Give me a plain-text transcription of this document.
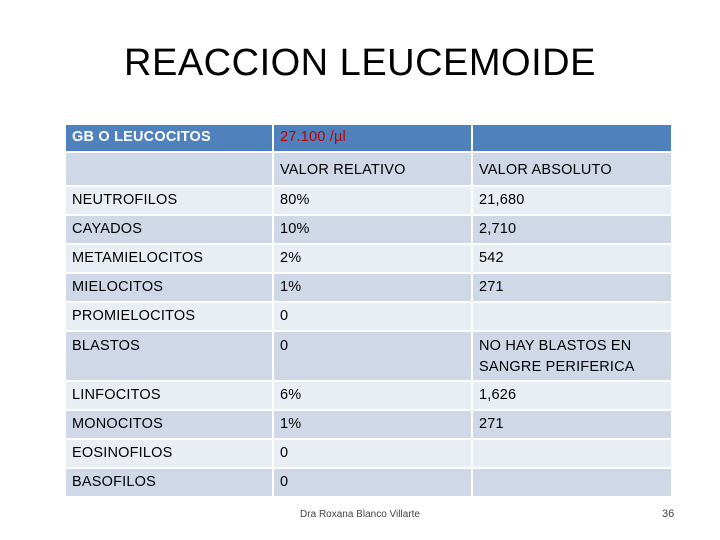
REACCION LEUCEMOIDE
GB O LEUCOCITOS	27.100 /µl	
	VALOR RELATIVO	VALOR ABSOLUTO
NEUTROFILOS	80%	21,680
CAYADOS	10%	2,710
METAMIELOCITOS	2%	542
MIELOCITOS	1%	271
PROMIELOCITOS	0	
BLASTOS	0	NO HAY BLASTOS EN SANGRE PERIFERICA
LINFOCITOS	6%	1,626
MONOCITOS	1%	271
EOSINOFILOS	0	
BASOFILOS	0	
Dra Roxana Blanco Villarte	36
